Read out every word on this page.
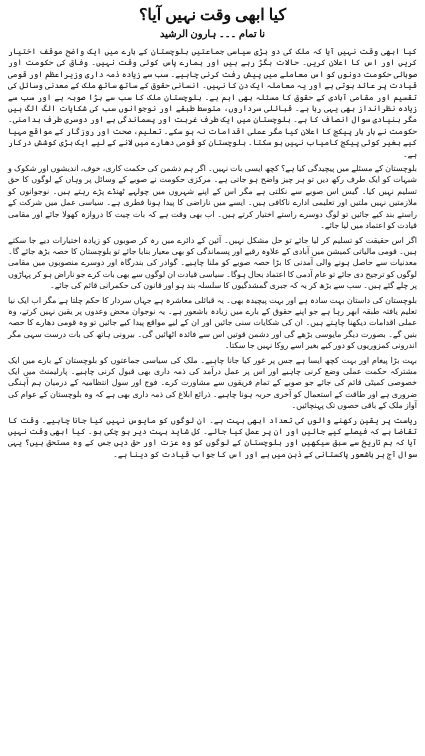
کیا ابھی وقت نہیں آیا؟
نا تمام ۔۔۔ ہارون الرشید

کیا ابھی وقت نہیں آیا کہ ملک کی دو بڑی سیاسی جماعتیں بلوچستان کے بارے میں ایک واضح موقف اختیار کریں اور اس کا اعلان کریں۔ حالات بگڑ رہے ہیں اور ہمارے پاس کوئی وقت نہیں۔ وفاق کی حکومت اور صوبائی حکومت دونوں کو اس معاملے میں پیش رفت کرنی چاہیے۔ سب سے زیادہ ذمہ داری وزیراعظم اور قومی قیادت پر عائد ہوتی ہے اور یہ معاملہ ایک دن کا نہیں۔ انسانی حقوق کے ساتھ ساتھ ملک کے معدنی وسائل کی تقسیم اور مقامی آبادی کے حقوق کا مسئلہ بھی اہم ہے۔ بلوچستان ملک کا سب سے بڑا صوبہ ہے اور سب سے زیادہ نظرانداز بھی یہی رہا ہے۔ قبائلی سرداروں، متوسط طبقے اور نوجوانوں سب کی شکایات الگ الگ ہیں مگر بنیادی سوال انصاف کا ہے۔ بلوچستان میں ایک طرف غربت اور پسماندگی ہے اور دوسری طرف بدامنی۔ حکومت نے بار بار پیکج کا اعلان کیا مگر عملی اقدامات نہ ہو سکے۔ تعلیم، صحت اور روزگار کے مواقع مہیا کیے بغیر کوئی پیکج کامیاب نہیں ہو سکتا۔ بلوچستان کو قومی دھارے میں لانے کے لیے ایک بڑی کوشش درکار ہے۔

بلوچستان کے مسئلے میں پیچیدگی کیا ہے؟ کچھ ایسی بات نہیں۔ اگر ہم دشمن کی حکمت کاری، خوف، اندیشوں اور شکوک و شبہات کو ایک طرف رکھ دیں تو ہر چیز واضح ہو جاتی ہے۔ مرکزی حکومت نے صوبے کے وسائل پر وہاں کے لوگوں کا حق تسلیم نہیں کیا۔ گیس اس صوبے سے نکلتی ہے مگر اس کے اپنے شہروں میں چولہے ٹھنڈے پڑے رہتے ہیں۔ نوجوانوں کو ملازمتیں نہیں ملتیں اور تعلیمی ادارے ناکافی ہیں۔ ایسے میں ناراضی کا پیدا ہونا فطری ہے۔ سیاسی عمل میں شرکت کے راستے بند کیے جائیں تو لوگ دوسرے راستے اختیار کرتے ہیں۔ اب بھی وقت ہے کہ بات چیت کا دروازہ کھولا جائے اور مقامی قیادت کو اعتماد میں لیا جائے۔

اگر اس حقیقت کو تسلیم کر لیا جائے تو حل مشکل نہیں۔ آئین کے دائرے میں رہ کر صوبوں کو زیادہ اختیارات دیے جا سکتے ہیں۔ قومی مالیاتی کمیشن میں آبادی کے علاوہ رقبے اور پسماندگی کو بھی معیار بنایا جائے تو بلوچستان کا حصہ بڑھ جائے گا۔ معدنیات سے حاصل ہونے والی آمدنی کا بڑا حصہ صوبے کو ملنا چاہیے۔ گوادر کی بندرگاہ اور دوسرے منصوبوں میں مقامی لوگوں کو ترجیح دی جائے تو عام آدمی کا اعتماد بحال ہوگا۔ سیاسی قیادت ان لوگوں سے بھی بات کرے جو ناراض ہو کر پہاڑوں پر چلے گئے ہیں۔ سب سے بڑھ کر یہ کہ جبری گمشدگیوں کا سلسلہ بند ہو اور قانون کی حکمرانی قائم کی جائے۔

بلوچستان کی داستان بہت سادہ ہے اور بہت پیچیدہ بھی۔ یہ قبائلی معاشرہ ہے جہاں سردار کا حکم چلتا ہے مگر اب ایک نیا تعلیم یافتہ طبقہ ابھر رہا ہے جو اپنے حقوق کے بارے میں زیادہ باشعور ہے۔ یہ نوجوان محض وعدوں پر یقین نہیں کرتے، وہ عملی اقدامات دیکھنا چاہتے ہیں۔ ان کی شکایات سنی جائیں اور ان کے لیے مواقع پیدا کیے جائیں تو وہ قومی دھارے کا حصہ بنیں گے۔ بصورت دیگر مایوسی بڑھے گی اور دشمن قوتیں اس سے فائدہ اٹھائیں گی۔ بیرونی ہاتھ کی بات درست سہی مگر اندرونی کمزوریوں کو دور کیے بغیر اسے روکا نہیں جا سکتا۔

بہت بڑا پیغام اور بہت کچھ ایسا ہے جس پر غور کیا جانا چاہیے۔ ملک کی سیاسی جماعتوں کو بلوچستان کے بارے میں ایک مشترکہ حکمت عملی وضع کرنی چاہیے اور اس پر عمل درآمد کی ذمہ داری بھی قبول کرنی چاہیے۔ پارلیمنٹ میں ایک خصوصی کمیٹی قائم کی جائے جو صوبے کے تمام فریقوں سے مشاورت کرے۔ فوج اور سول انتظامیہ کے درمیان ہم آہنگی ضروری ہے اور طاقت کے استعمال کو آخری حربہ ہونا چاہیے۔ ذرائع ابلاغ کی ذمہ داری بھی ہے کہ وہ بلوچستان کے عوام کی آواز ملک کے باقی حصوں تک پہنچائیں۔

ریاست پر یقین رکھنے والوں کی تعداد ابھی بہت ہے۔ ان لوگوں کو مایوس نہیں کیا جانا چاہیے۔ وقت کا تقاضا ہے کہ فیصلے کیے جائیں اور ان پر عمل کیا جائے۔ کل شاید بہت دیر ہو چکی ہو۔ کیا ابھی وقت نہیں آیا کہ ہم تاریخ سے سبق سیکھیں اور بلوچستان کے لوگوں کو وہ عزت اور حق دیں جس کے وہ مستحق ہیں؟ یہی سوال آج ہر باشعور پاکستانی کے ذہن میں ہے اور اس کا جواب قیادت کو دینا ہے۔
